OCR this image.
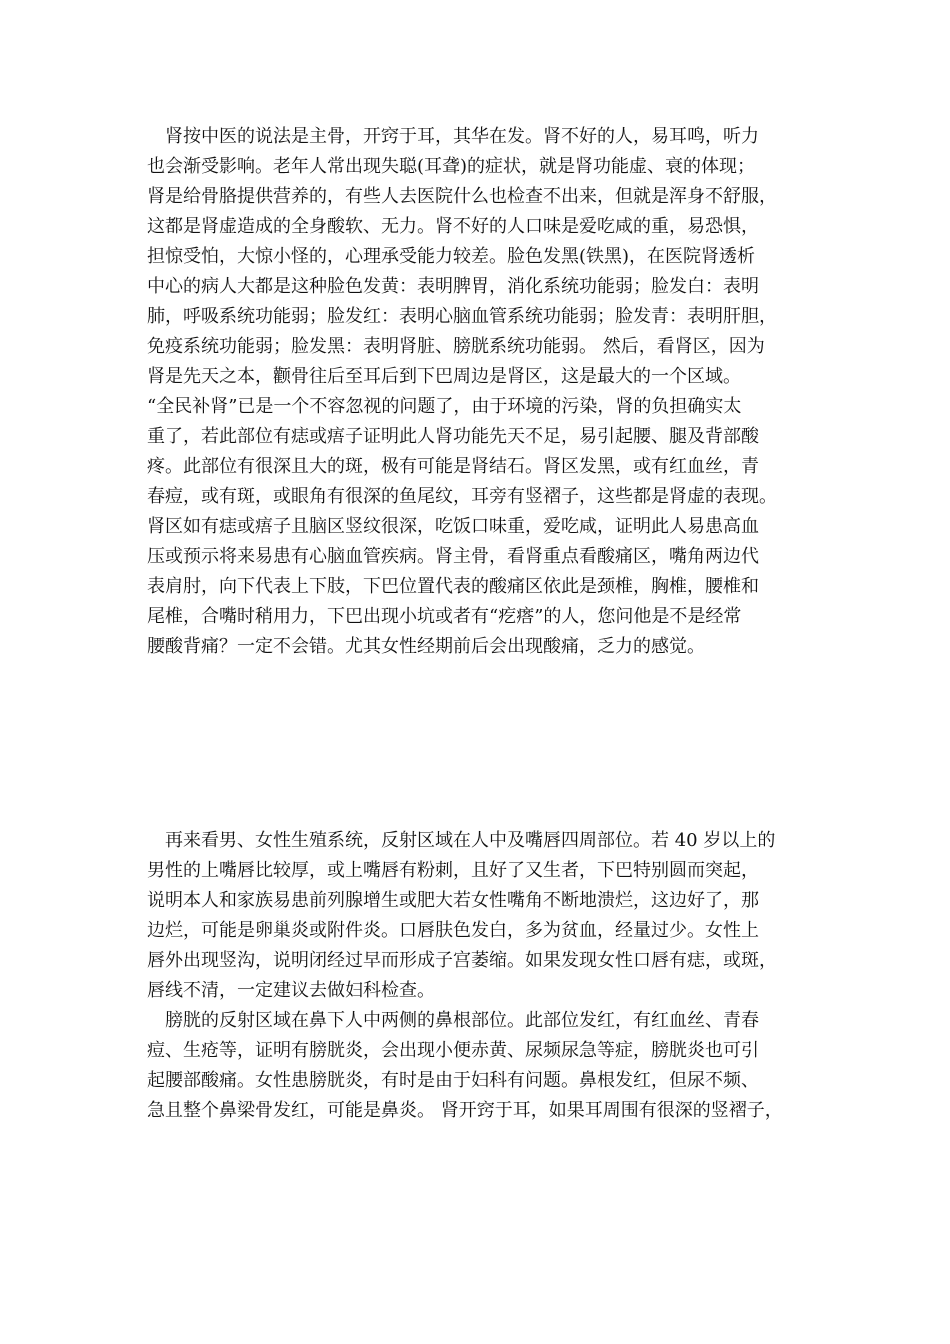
　肾按中医的说法是主骨，开窍于耳，其华在发。肾不好的人，易耳鸣，听力
也会渐受影响。老年人常出现失聪(耳聋)的症状，就是肾功能虚、衰的体现；
肾是给骨胳提供营养的，有些人去医院什么也检查不出来，但就是浑身不舒服，
这都是肾虚造成的全身酸软、无力。肾不好的人口味是爱吃咸的重，易恐惧，
担惊受怕，大惊小怪的，心理承受能力较差。脸色发黑(铁黑)，在医院肾透析
中心的病人大都是这种脸色发黄：表明脾胃，消化系统功能弱；脸发白：表明
肺，呼吸系统功能弱；脸发红：表明心脑血管系统功能弱；脸发青：表明肝胆，
免疫系统功能弱；脸发黑：表明肾脏、膀胱系统功能弱。 然后，看肾区，因为
肾是先天之本，颧骨往后至耳后到下巴周边是肾区，这是最大的一个区域。
“全民补肾”已是一个不容忽视的问题了，由于环境的污染，肾的负担确实太
重了，若此部位有痣或痦子证明此人肾功能先天不足，易引起腰、腿及背部酸
疼。此部位有很深且大的斑，极有可能是肾结石。肾区发黑，或有红血丝，青
春痘，或有斑，或眼角有很深的鱼尾纹，耳旁有竖褶子，这些都是肾虚的表现。
肾区如有痣或痦子且脑区竖纹很深，吃饭口味重，爱吃咸，证明此人易患高血
压或预示将来易患有心脑血管疾病。肾主骨，看肾重点看酸痛区，嘴角两边代
表肩肘，向下代表上下肢，下巴位置代表的酸痛区依此是颈椎，胸椎，腰椎和
尾椎，合嘴时稍用力，下巴出现小坑或者有“疙瘩”的人，您问他是不是经常
腰酸背痛？一定不会错。尤其女性经期前后会出现酸痛，乏力的感觉。
　再来看男、女性生殖系统，反射区域在人中及嘴唇四周部位。若 40 岁以上的
男性的上嘴唇比较厚，或上嘴唇有粉刺，且好了又生者，下巴特别圆而突起，
说明本人和家族易患前列腺增生或肥大若女性嘴角不断地溃烂，这边好了，那
边烂，可能是卵巢炎或附件炎。口唇肤色发白，多为贫血，经量过少。女性上
唇外出现竖沟，说明闭经过早而形成子宫萎缩。如果发现女性口唇有痣，或斑，
唇线不清，一定建议去做妇科检查。
　膀胱的反射区域在鼻下人中两侧的鼻根部位。此部位发红，有红血丝、青春
痘、生疮等，证明有膀胱炎，会出现小便赤黄、尿频尿急等症，膀胱炎也可引
起腰部酸痛。女性患膀胱炎，有时是由于妇科有问题。鼻根发红，但尿不频、
急且整个鼻梁骨发红，可能是鼻炎。 肾开窍于耳，如果耳周围有很深的竖褶子，
